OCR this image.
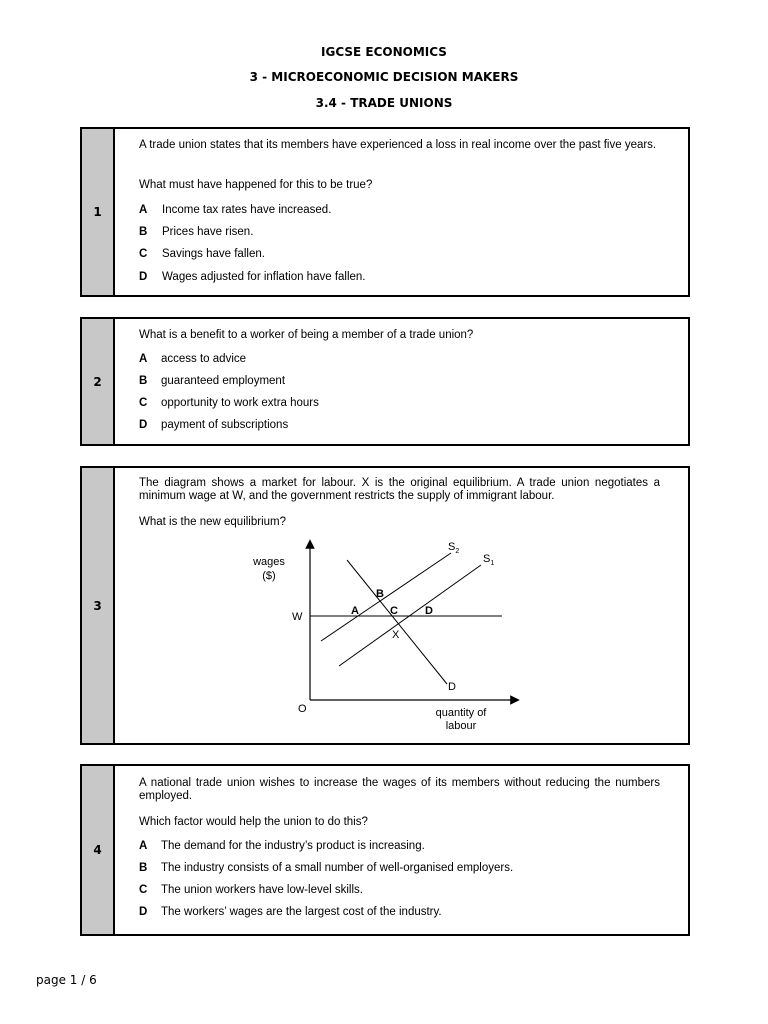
IGCSE ECONOMICS
3 - MICROECONOMIC DECISION MAKERS
3.4 - TRADE UNIONS
1
A trade union states that its members have experienced a loss in real income over the past five years.
What must have happened for this to be true?
A Income tax rates have increased.
B Prices have risen.
C Savings have fallen.
D Wages adjusted for inflation have fallen.
2
What is a benefit to a worker of being a member of a trade union?
A access to advice
B guaranteed employment
C opportunity to work extra hours
D payment of subscriptions
3
The diagram shows a market for labour. X is the original equilibrium. A trade union negotiates a minimum wage at W, and the government restricts the supply of immigrant labour.
What is the new equilibrium?
wages
($)
quantity of
labour
O
W
$S_2$
$S_1$
D
A
B
C D
X
4
A national trade union wishes to increase the wages of its members without reducing the numbers employed.
Which factor would help the union to do this?
A The demand for the industry’s product is increasing.
B The industry consists of a small number of well-organised employers.
C The union workers have low-level skills.
D The workers’ wages are the largest cost of the industry.
page 1 / 6
